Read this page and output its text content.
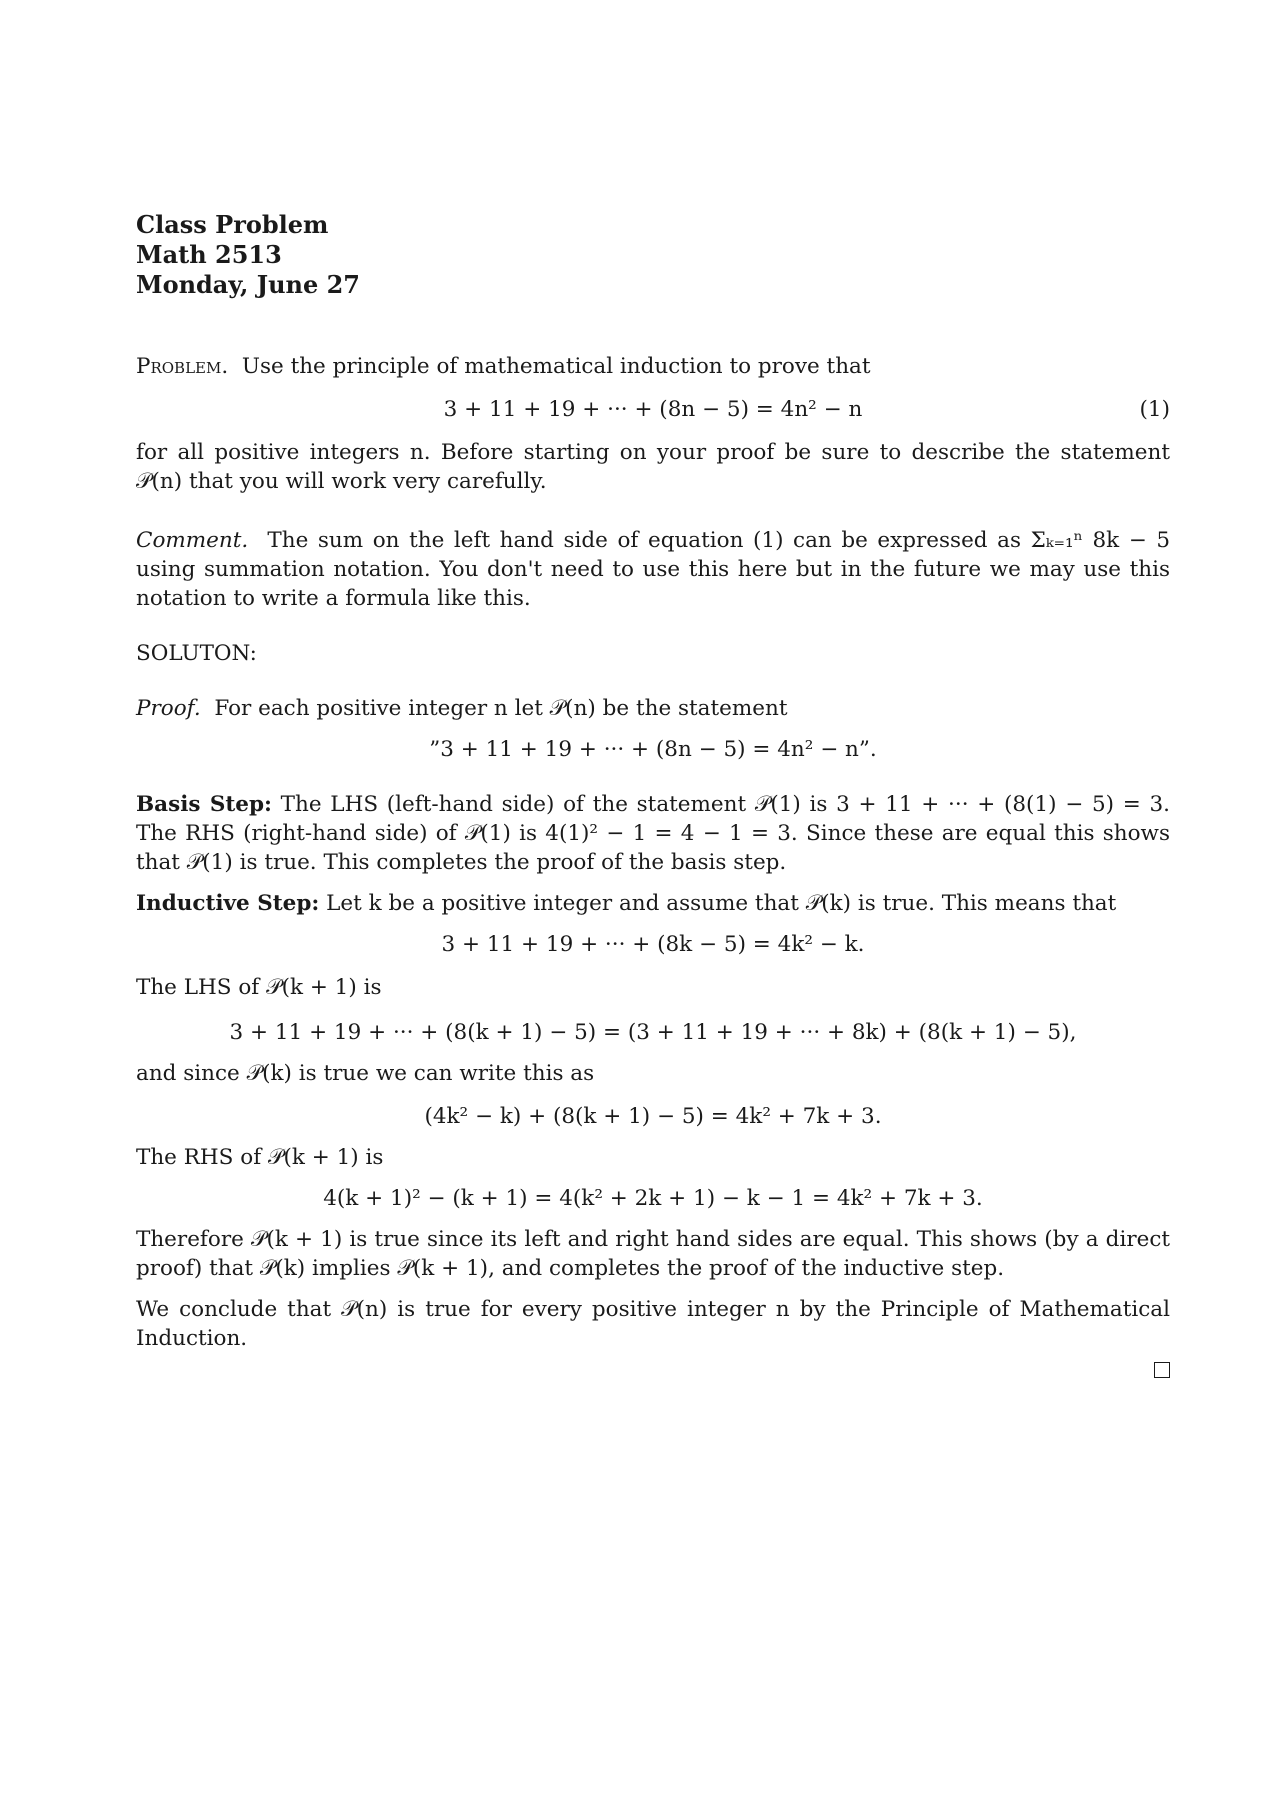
Class Problem
Math 2513
Monday, June 27

Problem. Use the principle of mathematical induction to prove that

3 + 11 + 19 + ··· + (8n − 5) = 4n² − n	(1)

for all positive integers n. Before starting on your proof be sure to describe the statement 𝒫(n) that you will work very carefully.

Comment. The sum on the left hand side of equation (1) can be expressed as Σₖ₌₁ⁿ 8k − 5 using summation notation. You don't need to use this here but in the future we may use this notation to write a formula like this.

SOLUTON:

Proof. For each positive integer n let 𝒫(n) be the statement

”3 + 11 + 19 + ··· + (8n − 5) = 4n² − n”.

Basis Step: The LHS (left-hand side) of the statement 𝒫(1) is 3 + 11 + ··· + (8(1) − 5) = 3. The RHS (right-hand side) of 𝒫(1) is 4(1)² − 1 = 4 − 1 = 3. Since these are equal this shows that 𝒫(1) is true. This completes the proof of the basis step.

Inductive Step: Let k be a positive integer and assume that 𝒫(k) is true. This means that

3 + 11 + 19 + ··· + (8k − 5) = 4k² − k.

The LHS of 𝒫(k + 1) is

3 + 11 + 19 + ··· + (8(k + 1) − 5) = (3 + 11 + 19 + ··· + 8k) + (8(k + 1) − 5),

and since 𝒫(k) is true we can write this as

(4k² − k) + (8(k + 1) − 5) = 4k² + 7k + 3.

The RHS of 𝒫(k + 1) is

4(k + 1)² − (k + 1) = 4(k² + 2k + 1) − k − 1 = 4k² + 7k + 3.

Therefore 𝒫(k + 1) is true since its left and right hand sides are equal. This shows (by a direct proof) that 𝒫(k) implies 𝒫(k + 1), and completes the proof of the inductive step.

We conclude that 𝒫(n) is true for every positive integer n by the Principle of Mathematical Induction.
